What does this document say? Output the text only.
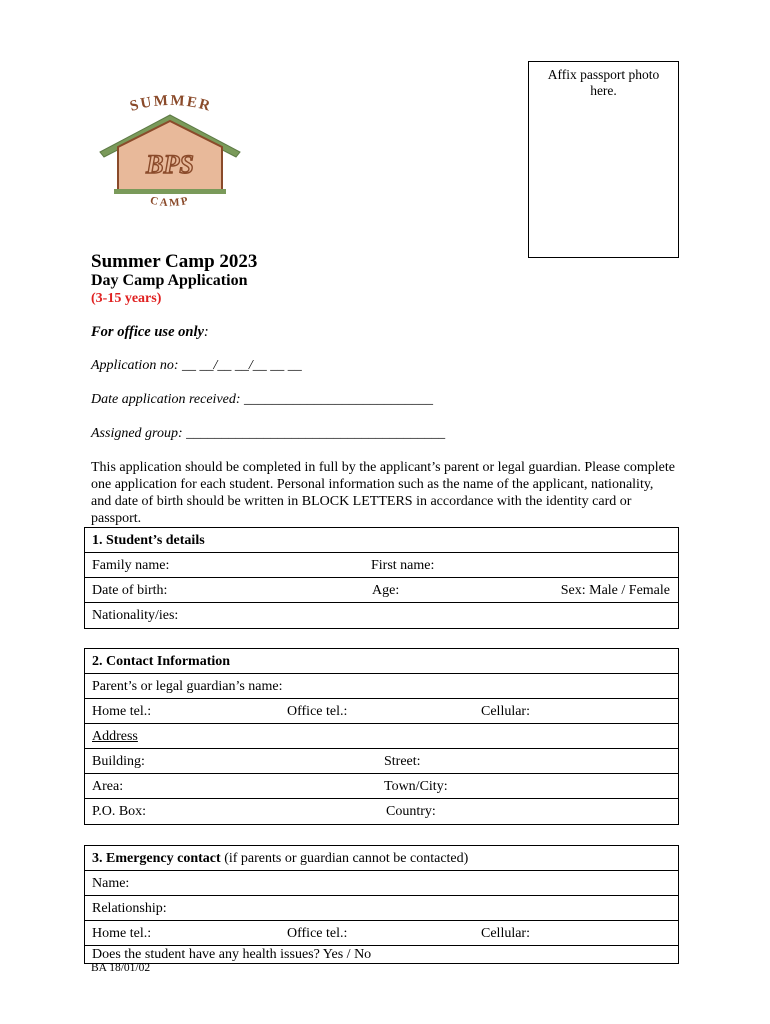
Affix passport photo here.
SUMMER
BPS
CAMP
Summer Camp 2023
Day Camp Application
(3-15 years)
For office use only:
Application no: __ __/__ __/__ __ __
Date application received: ___________________________
Assigned group: _____________________________________
This application should be completed in full by the applicant’s parent or legal guardian. Please complete one application for each student. Personal information such as the name of the applicant, nationality, and date of birth should be written in BLOCK LETTERS in accordance with the identity card or passport.
1. Student’s details
Family name:	First name:
Date of birth:	Age:	Sex: Male / Female
Nationality/ies:
2. Contact Information
Parent’s or legal guardian’s name:
Home tel.:	Office tel.:	Cellular:
Address
Building:	Street:
Area:	Town/City:
P.O. Box:	Country:
3. Emergency contact (if parents or guardian cannot be contacted)
Name:
Relationship:
Home tel.:	Office tel.:	Cellular:
Does the student have any health issues? Yes / No
BA 18/01/02
